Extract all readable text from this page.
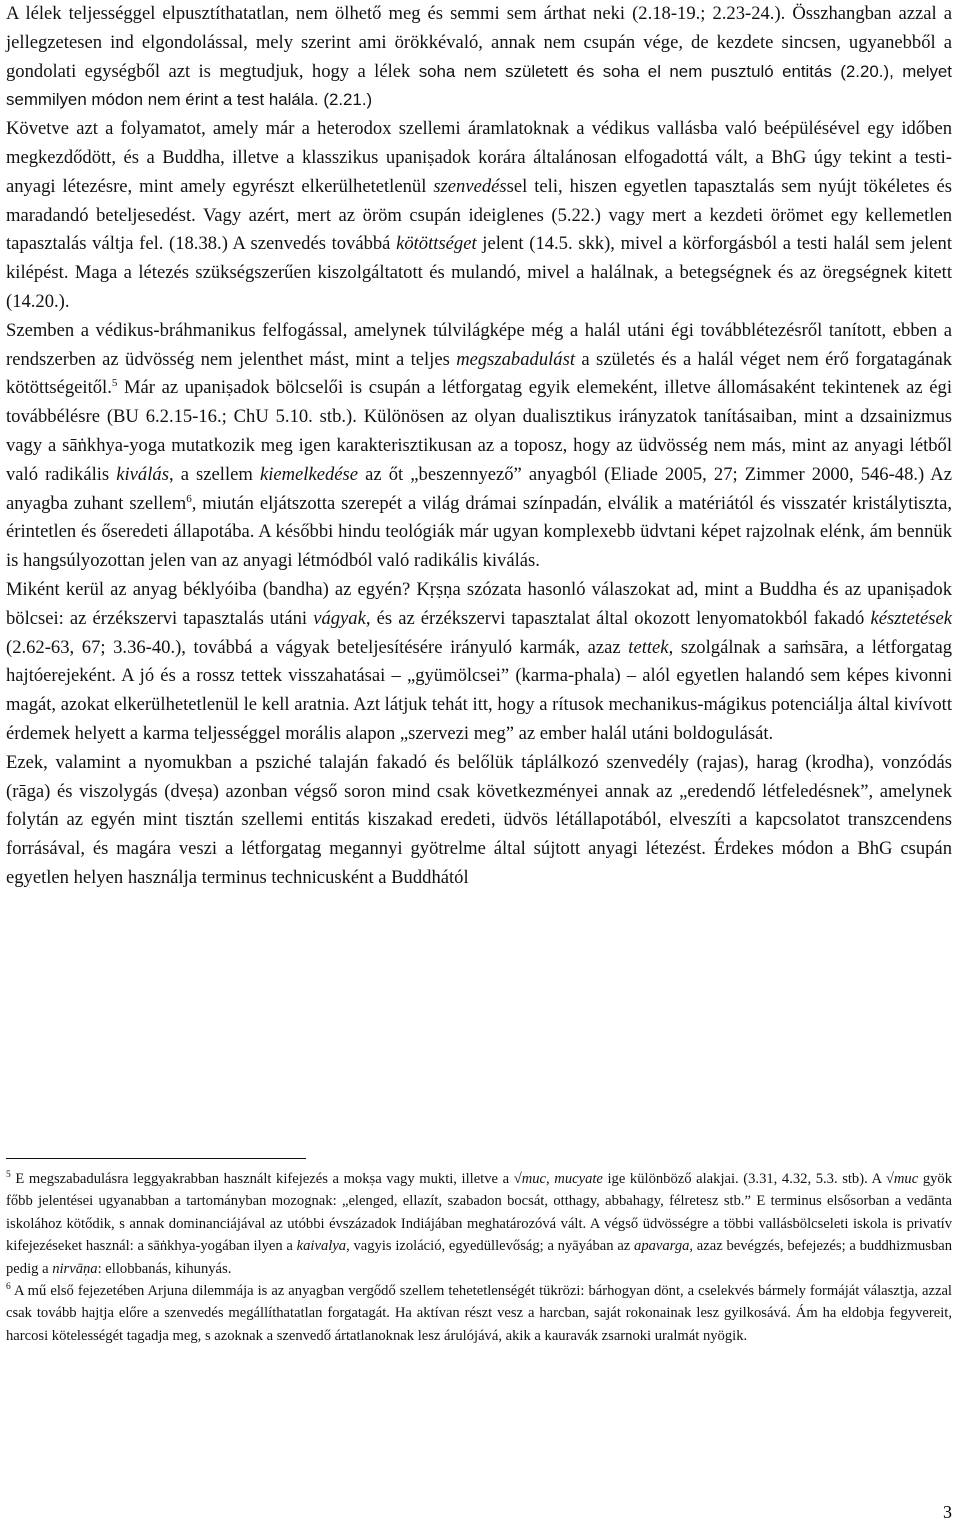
A lélek teljességgel elpusztíthatatlan, nem ölhető meg és semmi sem árthat neki (2.18-19.; 2.23-24.). Összhangban azzal a jellegzetesen ind elgondolással, mely szerint ami örökkévaló, annak nem csupán vége, de kezdete sincsen, ugyanebből a gondolati egységből azt is megtudjuk, hogy a lélek soha nem született és soha el nem pusztuló entitás (2.20.), melyet semmilyen módon nem érint a test halála. (2.21.)

Követve azt a folyamatot, amely már a heterodox szellemi áramlatoknak a védikus vallásba való beépülésével egy időben megkezdődött, és a Buddha, illetve a klasszikus upaniṣadok korára általánosan elfogadottá vált, a BhG úgy tekint a testi-anyagi létezésre, mint amely egyrészt elkerülhetetlenül szenvedéssel teli, hiszen egyetlen tapasztalás sem nyújt tökéletes és maradandó beteljesedést. Vagy azért, mert az öröm csupán ideiglenes (5.22.) vagy mert a kezdeti örömet egy kellemetlen tapasztalás váltja fel. (18.38.) A szenvedés továbbá kötöttséget jelent (14.5. skk), mivel a körforgásból a testi halál sem jelent kilépést. Maga a létezés szükségszerűen kiszolgáltatott és mulandó, mivel a halálnak, a betegségnek és az öregségnek kitett (14.20.).

Szemben a védikus-bráhmanikus felfogással, amelynek túlvilágképe még a halál utáni égi továbblétezésről tanított, ebben a rendszerben az üdvösség nem jelenthet mást, mint a teljes megszabadulást a születés és a halál véget nem érő forgatagának kötöttségeitől.$^5$ Már az upaniṣadok bölcselői is csupán a létforgatag egyik elemeként, illetve állomásaként tekintenek az égi továbbélésre (BU 6.2.15-16.; ChU 5.10. stb.). Különösen az olyan dualisztikus irányzatok tanításaiban, mint a dzsainizmus vagy a sāṅkhya-yoga mutatkozik meg igen karakterisztikusan az a toposz, hogy az üdvösség nem más, mint az anyagi létből való radikális kiválás, a szellem kiemelkedése az őt „beszennyező” anyagból (Eliade 2005, 27; Zimmer 2000, 546-48.) Az anyagba zuhant szellem$^6$, miután eljátszotta szerepét a világ drámai színpadán, elválik a matériától és visszatér kristálytiszta, érintetlen és őseredeti állapotába. A későbbi hindu teológiák már ugyan komplexebb üdvtani képet rajzolnak elénk, ám bennük is hangsúlyozottan jelen van az anyagi létmódból való radikális kiválás.

Miként kerül az anyag béklyóiba (bandha) az egyén? Kṛṣṇa szózata hasonló válaszokat ad, mint a Buddha és az upaniṣadok bölcsei: az érzékszervi tapasztalás utáni vágyak, és az érzékszervi tapasztalat által okozott lenyomatokból fakadó késztetések (2.62-63, 67; 3.36-40.), továbbá a vágyak beteljesítésére irányuló karmák, azaz tettek, szolgálnak a saṁsāra, a létforgatag hajtóerejeként. A jó és a rossz tettek visszahatásai – „gyümölcsei” (karma-phala) – alól egyetlen halandó sem képes kivonni magát, azokat elkerülhetetlenül le kell aratnia. Azt látjuk tehát itt, hogy a rítusok mechanikus-mágikus potenciálja által kivívott érdemek helyett a karma teljességgel morális alapon „szervezi meg” az ember halál utáni boldogulását.

Ezek, valamint a nyomukban a psziché talaján fakadó és belőlük táplálkozó szenvedély (rajas), harag (krodha), vonzódás (rāga) és viszolygás (dveṣa) azonban végső soron mind csak következményei annak az „eredendő létfeledésnek”, amelynek folytán az egyén mint tisztán szellemi entitás kiszakad eredeti, üdvös létállapotából, elveszíti a kapcsolatot transzcendens forrásával, és magára veszi a létforgatag megannyi gyötrelme által sújtott anyagi létezést. Érdekes módon a BhG csupán egyetlen helyen használja terminus technicusként a Buddhától

$^5$ E megszabadulásra leggyakrabban használt kifejezés a mokṣa vagy mukti, illetve a √muc, mucyate ige különböző alakjai. (3.31, 4.32, 5.3. stb). A √muc gyök főbb jelentései ugyanabban a tartományban mozognak: „elenged, ellazít, szabadon bocsát, otthagy, abbahagy, félretesz stb.” E terminus elsősorban a vedānta iskolához kötődik, s annak dominanciájával az utóbbi évszázadok Indiájában meghatározóvá vált. A végső üdvösségre a többi vallásbölcseleti iskola is privatív kifejezéseket használ: a sāṅkhya-yogában ilyen a kaivalya, vagyis izoláció, egyedüllevőság; a nyāyában az apavarga, azaz bevégzés, befejezés; a buddhizmusban pedig a nirvāṇa: ellobbanás, kihunyás.

$^6$ A mű első fejezetében Arjuna dilemmája is az anyagban vergődő szellem tehetetlenségét tükrözi: bárhogyan dönt, a cselekvés bármely formáját választja, azzal csak tovább hajtja előre a szenvedés megállíthatatlan forgatagát. Ha aktívan részt vesz a harcban, saját rokonainak lesz gyilkosává. Ám ha eldobja fegyvereit, harcosi kötelességét tagadja meg, s azoknak a szenvedő ártatlanoknak lesz árulójává, akik a kauravák zsarnoki uralmát nyögik.

3
